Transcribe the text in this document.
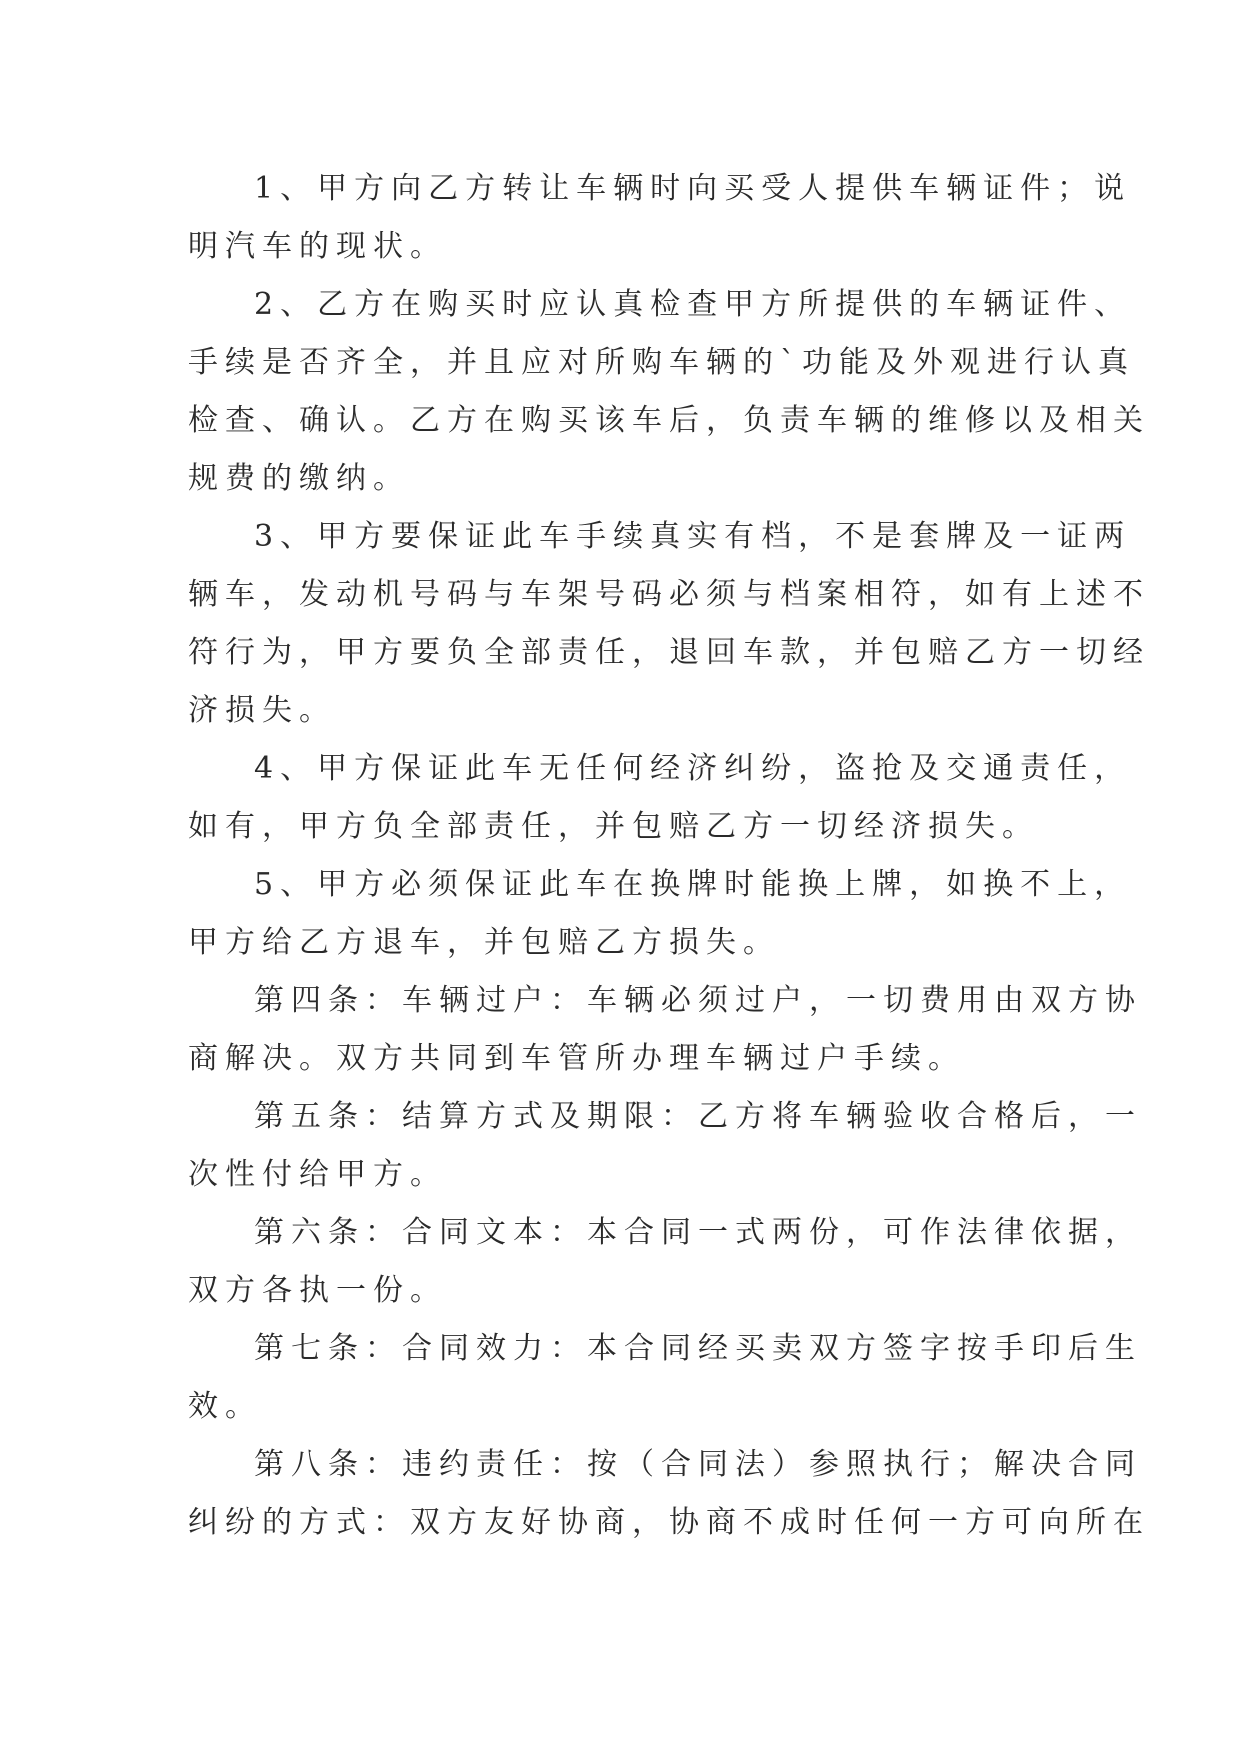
1、甲方向乙方转让车辆时向买受人提供车辆证件；说
明汽车的现状。
2、乙方在购买时应认真检查甲方所提供的车辆证件、
手续是否齐全，并且应对所购车辆的`功能及外观进行认真
检查、确认。乙方在购买该车后，负责车辆的维修以及相关
规费的缴纳。
3、甲方要保证此车手续真实有档，不是套牌及一证两
辆车，发动机号码与车架号码必须与档案相符，如有上述不
符行为，甲方要负全部责任，退回车款，并包赔乙方一切经
济损失。
4、甲方保证此车无任何经济纠纷，盗抢及交通责任，
如有，甲方负全部责任，并包赔乙方一切经济损失。
5、甲方必须保证此车在换牌时能换上牌，如换不上，
甲方给乙方退车，并包赔乙方损失。
第四条：车辆过户：车辆必须过户，一切费用由双方协
商解决。双方共同到车管所办理车辆过户手续。
第五条：结算方式及期限：乙方将车辆验收合格后，一
次性付给甲方。
第六条：合同文本：本合同一式两份，可作法律依据，
双方各执一份。
第七条：合同效力：本合同经买卖双方签字按手印后生
效。
第八条：违约责任：按（合同法）参照执行；解决合同
纠纷的方式：双方友好协商，协商不成时任何一方可向所在
